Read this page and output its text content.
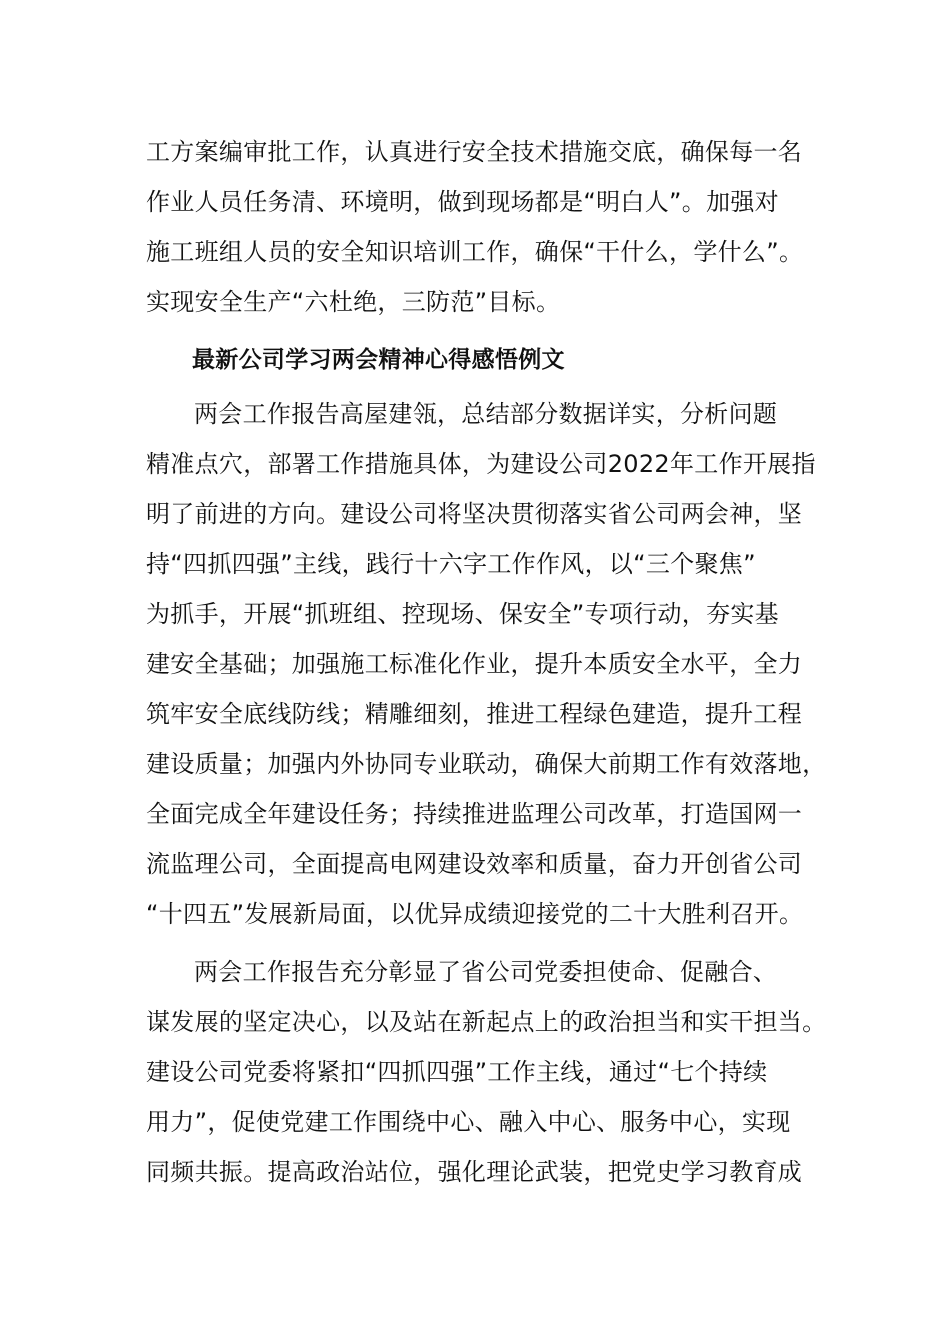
工方案编审批工作，认真进行安全技术措施交底，确保每一名
作业人员任务清、环境明，做到现场都是“明白人”。加强对
施工班组人员的安全知识培训工作，确保“干什么，学什么”。
实现安全生产“六杜绝，三防范”目标。
最新公司学习两会精神心得感悟例文
两会工作报告高屋建瓴，总结部分数据详实，分析问题
精准点穴，部署工作措施具体，为建设公司2022年工作开展指
明了前进的方向。建设公司将坚决贯彻落实省公司两会神，坚
持“四抓四强”主线，践行十六字工作作风，以“三个聚焦”
为抓手，开展“抓班组、控现场、保安全”专项行动，夯实基
建安全基础；加强施工标准化作业，提升本质安全水平，全力
筑牢安全底线防线；精雕细刻，推进工程绿色建造，提升工程
建设质量；加强内外协同专业联动，确保大前期工作有效落地，
全面完成全年建设任务；持续推进监理公司改革，打造国网一
流监理公司，全面提高电网建设效率和质量，奋力开创省公司
“十四五”发展新局面，以优异成绩迎接党的二十大胜利召开。
两会工作报告充分彰显了省公司党委担使命、促融合、
谋发展的坚定决心，以及站在新起点上的政治担当和实干担当。
建设公司党委将紧扣“四抓四强”工作主线，通过“七个持续
用力”，促使党建工作围绕中心、融入中心、服务中心，实现
同频共振。提高政治站位，强化理论武装，把党史学习教育成
